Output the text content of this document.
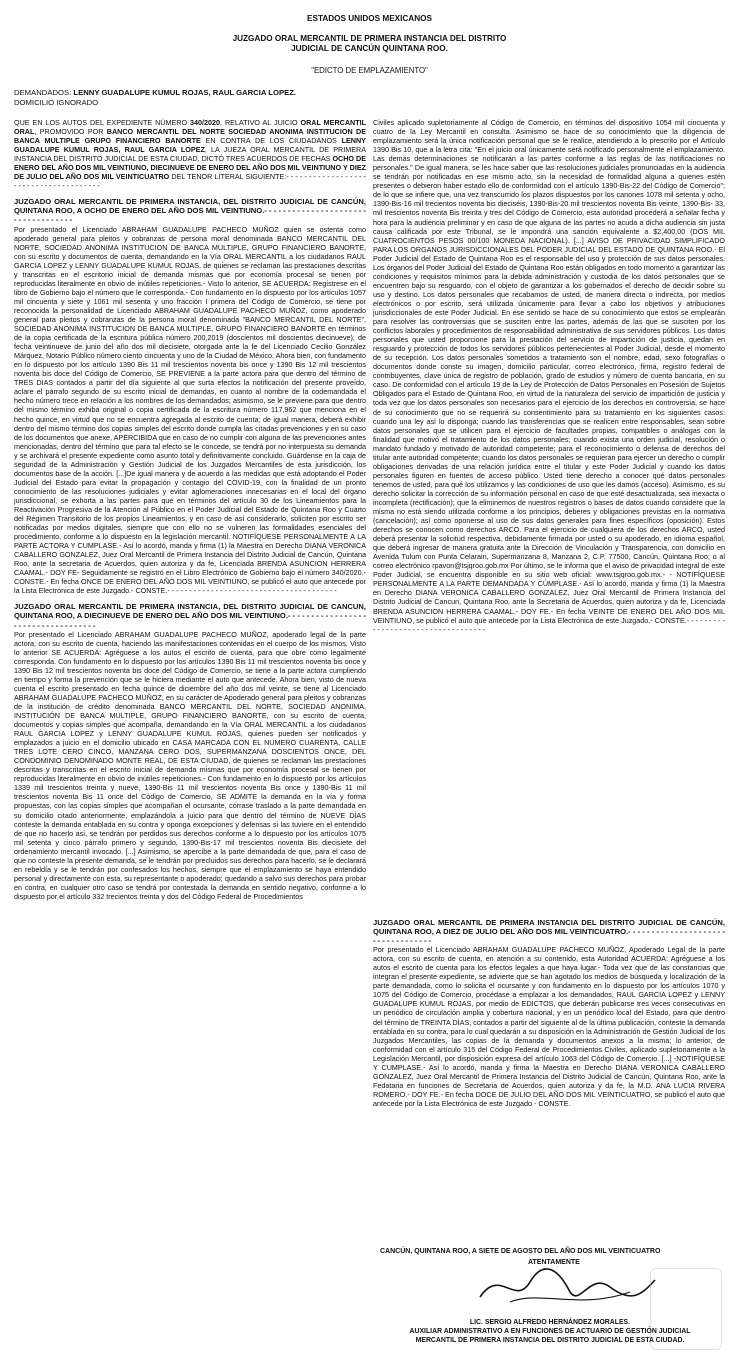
ESTADOS UNIDOS MEXICANOS
JUZGADO ORAL MERCANTIL DE PRIMERA INSTANCIA DEL DISTRITO
JUDICIAL DE CANCÚN QUINTANA ROO.
"EDICTO DE EMPLAZAMIENTO"
DEMANDADOS: LENNY GUADALUPE KUMUL ROJAS, RAUL GARCIA LOPEZ.
DOMICILIO IGNORADO

QUE EN LOS AUTOS DEL EXPEDIENTE NÚMERO 340/2020, RELATIVO AL JUICIO ORAL MERCANTIL ORAL, PROMOVIDO POR BANCO MERCANTIL DEL NORTE SOCIEDAD ANONIMA INSTITUCION DE BANCA MULTIPLE GRUPO FINANCIERO BANORTE EN CONTRA DE LOS CIUDADANOS LENNY GUADALUPE KUMUL ROJAS, RAUL GARCIA LOPEZ, LA JUEZA ORAL MERCANTIL DE PRIMERA INSTANCIA DEL DISTRITO JUDICIAL DE ESTA CIUDAD, DICTÓ TRES ACUERDOS DE FECHAS OCHO DE ENERO DEL AÑO DOS MIL VEINTIUNO, DIECINUEVE DE ENERO DEL AÑO DOS MIL VEINTIUNO Y DIEZ DE JULIO DEL AÑO DOS MIL VEINTICUATRO DEL TENOR LITERAL SIGUIENTE:- - - - - - - - - - - - - - - - - - - - - - - - - - - - - - - - - - - - - -

JUZGADO ORAL MERCANTIL DE PRIMERA INSTANCIA, DEL DISTRITO JUDICIAL DE CANCÚN, QUINTANA ROO, A OCHO DE ENERO DEL AÑO DOS MIL VEINTIUNO.- - - - - - - - - - - - - - - - - - - - - - - - - - - - - - - - - - -

Por presentado el Licenciado ABRAHAM GUADALUPE PACHECO MUÑOZ quien se ostenta como apoderado general para pleitos y cobranzas de persona moral denominada BANCO MERCANTIL DEL NORTE, SOCIEDAD ANONIMA INSTITUCION DE BANCA MULTIPLE, GRUPO FINANCIERO BANORTE, con su escrito y documentos de cuenta, demandando en la Vía ORAL MERCANTIL a los ciudadanos RAUL GARCIA LOPEZ y LENNY GUADALUPE KUMUL ROJAS, de quienes se reclaman las prestaciones descritas y transcritas en el escritorio inicial de demanda mismas que por economía procesal se tienen por reproducidas literalmente en obvio de inútiles repeticiones.- Visto lo anterior, SE ACUERDA: Regístrese en el libro de Gobierno bajo el número que le corresponda.- Con fundamento en lo dispuesto por los artículos 1057 mil cincuenta y siete y 1061 mil sesenta y uno fracción I primera del Código de Comercio, se tiene por reconocida la personalidad de Licenciado ABRAHAM GUADALUPE PACHECO MUÑOZ, como apoderado general para pleitos y cobranzas de la persona moral denominada "BANCO MERCANTIL DEL NORTE", SOCIEDAD ANONIMA INSTITUCION DE BANCA MULTIPLE, GRUPO FINANCIERO BANORTE en términos de la copia certificada de la escritura pública número 200,2019 (doscientos mil doscientos diecinueve), de fecha veintinueve de junio del año dos mil diecisiete, otorgada ante la fe del Licenciado Cecilio González Márquez, Notario Público número ciento cincuenta y uno de la Ciudad de México. Ahora bien, con fundamento en lo dispuesto por los artículo 1390 Bis 11 mil trescientos noventa bis once y 1390 Bis 12 mil trescientos noventa bis doce del Código de Comercio, SE PREVIENE a la parte actora para que dentro del término de TRES DIAS contados a partir del día siguiente al que surta efectos la notificación del presente proveído, aclare el párrafo segundo de su escrito inicial de demandas, en cuanto al nombre de la codemandada el hecho número trece en relación a los nombres de los demandados; asimismo, se le previene para que dentro del mismo término exhiba original o copia certificada de la escritura número 117,962 que menciona en el hecho quince, en virtud que no se encuentra agregada al escrito de cuenta; de igual manera, deberá exhibir dentro del mismo término dos copias simples del escrito donde cumpla las citadas prevenciones y en su caso de los documentos que anexe, APERCIBIDA que en caso de no cumplir con alguna de las prevenciones antes mencionadas, dentro del término que para tal efecto se le concede, se tendrá por no interpuesta su demanda y se archivará el presente expediente como asunto total y definitivamente concluido. Guárdense en la caja de seguridad de la Administración y Gestión Judicial de los Juzgados Mercantiles de esta jurisdicción, los documentos base de la acción. [...]De igual manera y de acuerdo a las medidas que está adoptando el Poder Judicial del Estado para evitar la propagación y contagio del COVID-19, con la finalidad de un pronto conocimiento de las resoluciones judiciales y evitar aglomeraciones innecesarias en el local del órgano jurisdiccional, se exhorta a las partes para que en términos del artículo 30 de los Lineamientos para la Reactivación Progresiva de la Atención al Público en el Poder Judicial del Estado de Quintana Roo y Cuarto del Régimen Transitorio de los propios Lineamientos, y en caso de así considerarlo, soliciten por escrito ser notificadas por medios digitales, siempre que con ello no se vulneren las formalidades esenciales del procedimiento, conforme a lo dispuesto en la legislación mercantil. NOTIFÍQUESE PERSONALMENTE A LA PARTE ACTORA Y CUMPLASE.- Así lo acordó, manda y firma (1) la Maestra en Derecho DIANA VERONICA CABALLERO GONZALEZ, Juez Oral Mercantil de Primera Instancia del Distrito Judicial de Cancún, Quintana Roo, ante la secretaria de Acuerdos, quien autoriza y da fe, Licenciada BRENDA ASUNCION HERRERA CAAMAL.- DOY FE- Seguidamente se registró en el Libro Electrónico de Gobierno bajo el número 340/2020.- CONSTE.- En fecha ONCE DE ENERO DEL AÑO DOS MIL VEINTIUNO, se publicó el auto que antecede por la Lista Electrónica de este Juzgado.- CONSTE.- - - - - - - - - - - - - - - - - - - - - - - - - - - - - - - - - - - - - - -

JUZGADO ORAL MERCANTIL DE PRIMERA INSTANCIA, DEL DISTRITO JUDICIAL DE CANCUN, QUINTANA ROO, A DIECINUEVE DE ENERO DEL AÑO DOS MIL VEINTIUNO.- - - - - - - - - - - - - - - - - - - - - - - - - - - - - - - - - - -

Por presentado el Licenciado ABRAHAM GUADALUPE PACHECO MUÑOZ, apoderado legal de la parte actora, con su escrito de cuenta, haciendo las manifestaciones contenidas en el cuerpo de los mismos. Visto lo anterior SE ACUERDA: Agréguese a los autos el escrito de cuenta, para que obre como legalmente corresponda. Con fundamento en lo dispuesto por los artículos 1390 Bis 11 mil trescientos noventa bis once y 1390 Bis 12 mil trescientos noventa bis doce del Código de Comercio, se tiene a la parte actora cumpliendo en tiempo y forma la prevención que se le hiciera mediante el auto que antecede. Ahora bien, visto de nueva cuenta el escrito presentado en fecha quince de diciembre del año dos mil veinte, se tiene al Licenciado ABRAHAM GUADALUPE PACHECO MUÑOZ, en su carácter de Apoderado general para pleitos y cobranzas de la institución de crédito denominada BANCO MERCANTIL DEL NORTE, SOCIEDAD ANONIMA, INSTITUCIÓN DE BANCA MULTIPLE, GRUPO FINANCIERO BANORTE, con su escrito de cuenta, documentos y copias simples que acompaña, demandando en la Vía ORAL MERCANTIL a los ciudadanos RAUL GARCIA LOPEZ y LENNY GUADALUPE KUMUL ROJAS, quienes pueden ser notificados y emplazados a juicio en el domicilio ubicado en CASA MARCADA CON EL NUMERO CUARENTA, CALLE TRES LOTE CERO CINCO, MANZANA CERO DOS, SUPERMANZANA DOSCIENTOS ONCE, DEL CONDOMINIO DENOMINADO MONTE REAL, DE ESTA CIUDAD, de quienes se reclaman las prestaciones descritas y transcritas en el escrito inicial de demanda mismas que por economía procesal se tienen por reproducidas literalmente en obvio de inútiles repeticiones.- Con fundamento en lo dispuesto por los artículos 1339 mil trescientos treinta y nueve, 1390-Bis 11 mil trescientos noventa Bis once y 1390-Bis 11 mil trescientos noventa Bis 11 once del Código de Comercio, SE ADMITE la demanda en la vía y forma propuestas, con las copias simples que acompañan el ocursante, córrase traslado a la parte demandada en su domicilio citado anteriormente, emplazándola a juicio para que dentro del término de NUEVE DÍAS conteste la demanda entablada en su contra y oponga excepciones y defensas si las tuviere en el entendido de que no hacerlo así, se tendrán por perdidos sus derechos conforme a lo dispuesto por los artículos 1075 mil setenta y cinco párrafo primero y segundo, 1390-Bis-17 mil trescientos noventa Bis diecisiete del ordenamiento mercantil invocado. [...] Asimismo, se apercibe a la parte demandada de que, para el caso de que no conteste la presente demanda, se le tendrán por precluidos sus derechos para hacerlo, se le declarará en rebeldía y se le tendrán por confesados los hechos, siempre que el emplazamiento se haya entendido personal y directamente con esta, su representante o apoderado; quedando a salvo sus derechos para probar en contra, en cualquier otro caso se tendrá por contestada la demanda en sentido negativo, conforme a lo dispuesto por el artículo 332 trecientos treinta y dos del Código Federal de Procedimientos

Civiles aplicado supletoriamente al Código de Comercio, en términos del dispositivo 1054 mil cincuenta y cuatro de la Ley Mercantil en consulta. Asimismo se hace de su conocimiento que la diligencia de emplazamiento será la única notificación personal que se le realice, atendiendo a lo prescrito por el Artículo 1390 Bis 10, que a la letra cita: "En el juicio oral únicamente será notificado personalmente el emplazamiento. Las demás determinaciones se notificarán a las partes conforme a las reglas de las notificaciones no personales." De igual manera, se les hace saber que las resoluciones judiciales pronunciadas en la audiencia se tendrán por notificadas en ese mismo acto, sin la necesidad de formalidad alguna a quienes estén presentes o debieron haber estado ello de conformidad con el artículo 1390-Bis-22 del Código de Comercio"; de lo que se infiere que, una vez transcurrido los plazos dispuestos por los canones 1078 mil setenta y ocho, 1390-Bis-16 mil trecientos noventa bis dieciséis, 1390-Bis-20 mil trescientos noventa Bis veinte, 1390-Bis- 33, mil trescientos noventa Bis treinta y tres del Código de Comercio, esta autoridad procederá a señalar fecha y hora para la audiencia preliminar y en caso de que alguna de las partes no acuda a dicha audiencia sin justa causa calificada por este Tribunal, se le impondrá una sanción equivalente a $2,400.00 (DOS MIL CUATROCIENTOS PESOS 00/100 MONEDA NACIONAL). [...] AVISO DE PRIVACIDAD SIMPLIFICADO PARA LOS ORGANOS JURISDICCIONALES DEL PODER JUDICIAL DEL ESTADO DE QUINTANA ROO.- El Poder Judicial del Estado de Quintana Roo es el responsable del uso y protección de sus datos personales. Los órganos del Poder Judicial del Estado de Quintana Roo están obligados en todo momento a garantizar las condiciones y requisitos mínimos para la debida administración y custodia de los datos personales que se encuentren bajo su resguardo, con el objeto de garantizar a los gobernados el derecho de decidir sobre su uso y destino. Los datos personales que recabamos de usted, de manera directa o indirecta, por medios electrónicos o por escrito, será utilizada únicamente para llevar a cabo los objetivos y atribuciones jurisdiccionales de este Poder Judicial. En ese sentido se hace de su conocimiento que estos se emplearán para resolver las controversias que se susciten entre las partes, además de las que se susciten por los conflictos laborales y procedimientos de responsabilidad administrativa de sus servidores públicos. Los datos personales que usted proporcione para la prestación del servicio de impartición de justicia, quedan en resguardo y protección de todos los servidores públicos pertenecientes al Poder Judicial, desde el momento de su recepción. Los datos personales sometidos a tratamiento son el nombre, edad, sexo fotografías o documentos donde conste su imagen, domicilio particular, correo electrónico, firma, registro federal de contribuyentes, clave única de registro de población, grado de estudios y número de cuenta bancaria, en su caso. De conformidad con el artículo 19 de la Ley de Protección de Datos Personales en Posesión de Sujetos Obligados para el Estado de Quintana Roo, en virtud de la naturaleza del servicio de impartición de justicia y toda vez que los datos personales son necesarios para el ejercicio de los derechos en controversia, se hace de su conocimiento que no se requerirá su consentimiento para su tratamiento en los siguientes casos: cuando una ley así lo disponga; cuando las transferencias que se realicen entre responsables, sean sobre datos personales que se utilicen para el ejercicio de facultades propias, compatibles o análogas con la finalidad que motivó el tratamiento de los datos personales; cuando exista una orden judicial, resolución o mandato fundado y motivado de autoridad competente; para el reconocimiento o defensa de derechos del titular ante autoridad competente; cuando los datos personales se requieran para ejercer un derecho o cumplir obligaciones derivadas de una relación jurídica entre el titular y este Poder Judicial y cuando los datos personales figuren en fuentes de acceso público. Usted tiene derecho a conocer qué datos personales tenemos de usted, para qué los utilizamos y las condiciones de uso que les damos (acceso). Asimismo, es su derecho solicitar la corrección de su información personal en caso de que esté desactualizada, sea inexacta o incompleta (rectificación); que la eliminemos de nuestros registros o bases de datos cuando considere que la misma no está siendo utilizada conforme a los principios, deberes y obligaciones previstas en la normativa (cancelación); así como oponerse al uso de sus datos generales para fines específicos (oposición). Estos derechos se conocen como derechos ARCO. Para el ejercicio de cualquiera de los derechos ARCO, usted deberá presentar la solicitud respectiva, debidamente firmada por usted o su apoderado, en idioma español, que deberá ingresar de manera gratuita ante la Dirección de Vinculación y Transparencia, con domicilio en Avenida Tulum con Punta Celarain, Supermanzana 8, Manzana 2, C.P. 77500, Cancún, Quintana Roo; o al correo electrónico rpavon@tsjqroo.gob.mx Por último, se le informa que el aviso de privacidad integral de este Poder Judicial, se encuentra disponible en su sitio web oficial: www.tsjqroo.gob.mx.- - NOTIFÍQUESE PERSONALMENTE A LA PARTE DEMANDADA Y CÚMPLASE.- Así lo acordó, manda y firma (1) la Maestra en Derecho DIANA VERONICA CABALLERO GONZALEZ, Juez Oral Mercantil de Primera Instancia del Distrito Judicial de Cancun, Quintana Roo, ante la Secretaria de Acuerdos, quien autoriza y da fe, Licenciada BRENDA ASUNCION HERRERA CAAMAL.- DOY FE.- En fecha VEINTE DE ENERO DEL AÑO DOS MIL VEINTIUNO, se publicó el auto que antecede por la Lista Electrónica de este Juzgado.- CONSTE.- - - - - - - - - - - - - - - - - - - - - - - - - - - - - - - - - - -

JUZGADO ORAL MERCANTIL DE PRIMERA INSTANCIA DEL DISTRITO JUDICIAL DE CANCÚN, QUINTANA ROO, A DIEZ DE JULIO DEL AÑO DOS MIL VEINTICUATRO.- - - - - - - - - - - - - - - - - - - - - - - - - - - - - - - - - -

Por presentado el Licenciado ABRAHAM GUADALUPE PACHECO MUÑOZ, Apoderado Legal de la parte actora, con su escrito de cuenta, en atención a su contenido, esta Autoridad ACUERDA: Agréguese a los autos el escrito de cuenta para los efectos legales a que haya lugar.- Toda vez que de las constancias que integran el presente expediente, se advierte que se han agotado los medios de búsqueda y localización de la parte demandada, como lo solicita el ocursante y con fundamento en lo dispuesto por los artículos 1070 y 1075 del Código de Comercio, procédase a emplazar a los demandados, RAUL GARCIA LOPEZ y LENNY GUADALUPE KUMUL ROJAS, por medio de EDICTOS, que deberán publicarse tres veces consecutivas en un periódico de circulación amplia y cobertura nacional, y en un periódico local del Estado, para que dentro del término de TREINTA DÍAS, contados a partir del siguiente al de la última publicación, conteste la demanda entablada en su contra, para lo cual quedarán a su disposición en la Administración de Gestión Judicial de los Juzgados Mercantiles, las copias de la demanda y documentos anexos a la misma; lo anterior, de conformidad con el artículo 315 del Código Federal de Procedimientos Civiles, aplicado supletoriamente a la Legislación Mercantil, por disposición expresa del artículo 1063 del Código de Comercio. [...] -NOTIFÍQUESE Y CUMPLASE.- Así lo acordó, manda y firma la Maestra en Derecho DIANA VERONICA CABALLERO GONZALEZ, Juez Oral Mercantil de Primera Instancia del Distrito Judicial de Cancún, Quintana Roo, ante la Fedataria en funciones de Secretaria de Acuerdos, quien autoriza y da fe, la M.D. ANA LUCIA RIVERA ROMERO.- DOY FE.- En fecha DOCE DE JULIO DEL AÑO DOS MIL VEINTICUATRO, se publicó el auto que antecede por la Lista Electrónica de este Juzgado - CONSTE.

CANCÚN, QUINTANA ROO, A SIETE DE AGOSTO DEL AÑO DOS MIL VEINTICUATRO
ATENTAMENTE
LIC. SERGIO ALFREDO HERNÁNDEZ MORALES.
AUXILIAR ADMINISTRATIVO A EN FUNCIONES DE ACTUARIO DE GESTIÓN JUDICIAL
MERCANTIL DE PRIMERA INSTANCIA DEL DISTRITO JUDICIAL DE ESTA CIUDAD.
